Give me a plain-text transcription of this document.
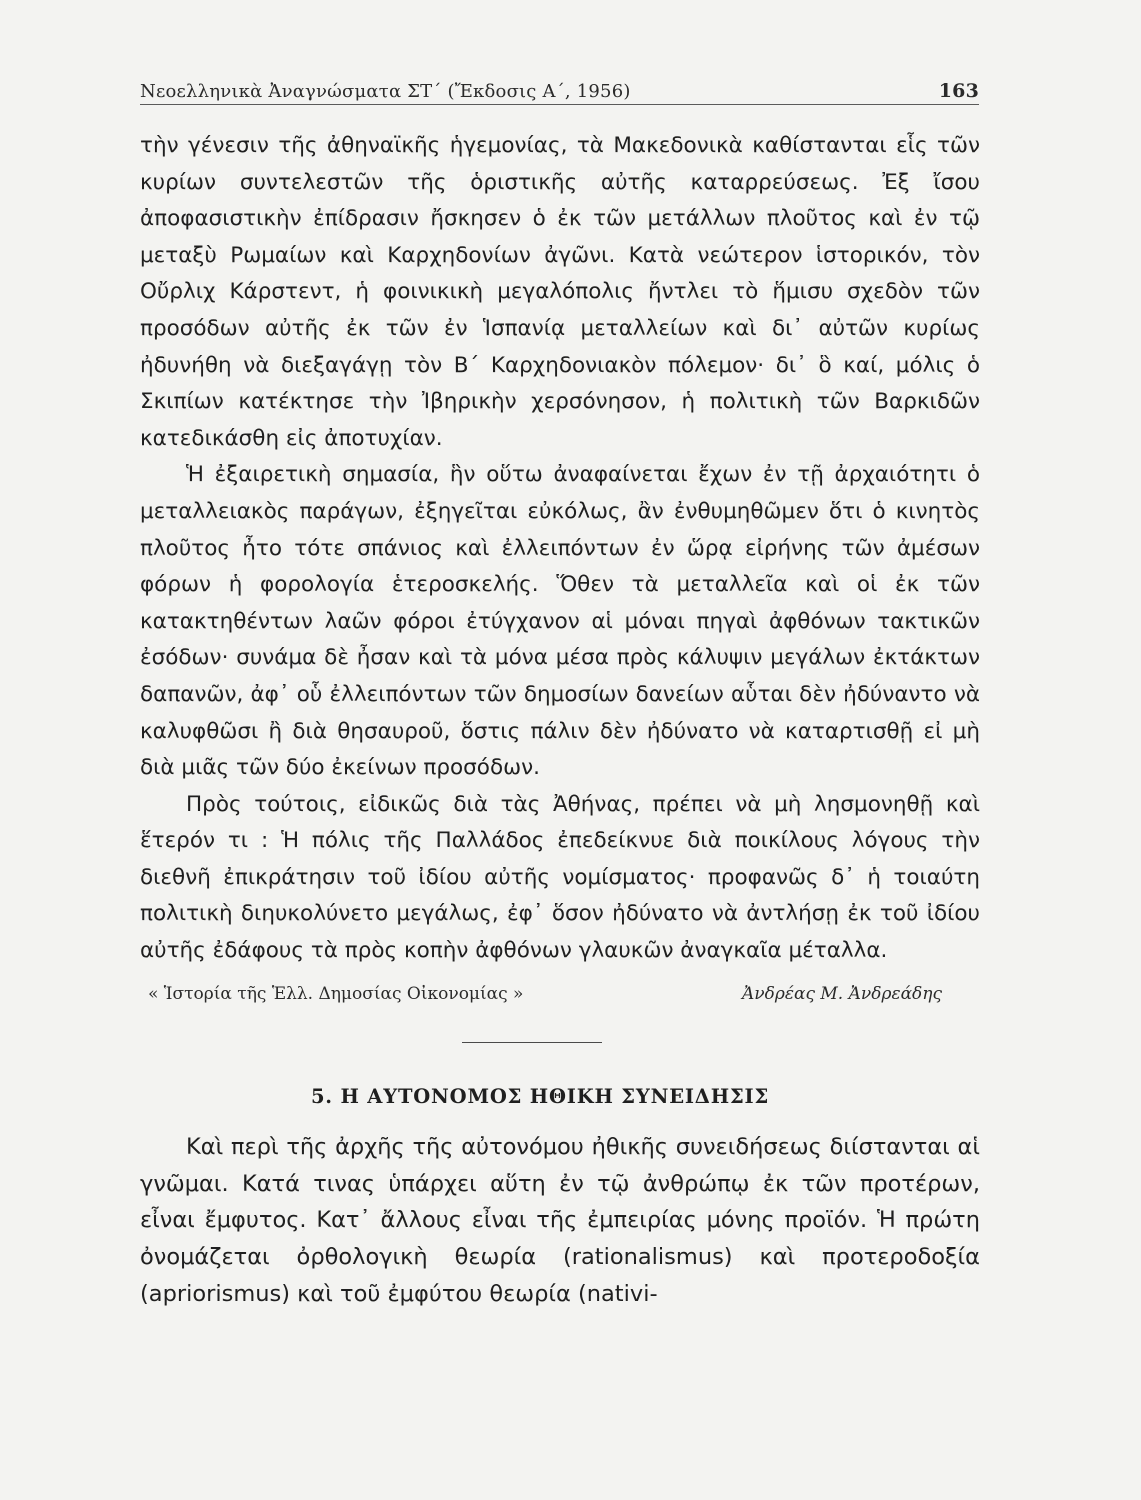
Νεοελληνικὰ Ἀναγνώσματα ΣΤ΄ (Ἔκδοσις Α΄, 1956)	163

τὴν γένεσιν τῆς ἀθηναϊκῆς ἡγεμονίας, τὰ Μακεδονικὰ καθίστανται εἷς τῶν κυρίων συντελεστῶν τῆς ὁριστικῆς αὐτῆς καταρρεύσεως. Ἐξ ἴσου ἀποφασιστικὴν ἐπίδρασιν ἤσκησεν ὁ ἐκ τῶν μετάλλων πλοῦτος καὶ ἐν τῷ μεταξὺ Ρωμαίων καὶ Καρχηδονίων ἀγῶνι. Κατὰ νεώτερον ἱστορικόν, τὸν Οὔρλιχ Κάρστεντ, ἡ φοινικικὴ μεγαλόπολις ἤντλει τὸ ἥμισυ σχεδὸν τῶν προσόδων αὐτῆς ἐκ τῶν ἐν Ἱσπανίᾳ μεταλλείων καὶ δι᾿ αὐτῶν κυρίως ἠδυνήθη νὰ διεξαγάγῃ τὸν Β΄ Καρχηδονιακὸν πόλεμον· δι᾿ ὃ καί, μόλις ὁ Σκιπίων κατέκτησε τὴν Ἰβηρικὴν χερσόνησον, ἡ πολιτικὴ τῶν Βαρκιδῶν κατεδικάσθη εἰς ἀποτυχίαν.

Ἡ ἐξαιρετικὴ σημασία, ἣν οὕτω ἀναφαίνεται ἔχων ἐν τῇ ἀρχαιότητι ὁ μεταλλειακὸς παράγων, ἐξηγεῖται εὐκόλως, ἂν ἐνθυμηθῶμεν ὅτι ὁ κινητὸς πλοῦτος ἦτο τότε σπάνιος καὶ ἐλλειπόντων ἐν ὥρᾳ εἰρήνης τῶν ἀμέσων φόρων ἡ φορολογία ἑτεροσκελής. Ὅθεν τὰ μεταλλεῖα καὶ οἱ ἐκ τῶν κατακτηθέντων λαῶν φόροι ἐτύγχανον αἱ μόναι πηγαὶ ἀφθόνων τακτικῶν ἐσόδων· συνάμα δὲ ἦσαν καὶ τὰ μόνα μέσα πρὸς κάλυψιν μεγάλων ἐκτάκτων δαπανῶν, ἀφ᾿ οὗ ἐλλειπόντων τῶν δημοσίων δανείων αὗται δὲν ἠδύναντο νὰ καλυφθῶσι ἢ διὰ θησαυροῦ, ὅστις πάλιν δὲν ἠδύνατο νὰ καταρτισθῇ εἰ μὴ διὰ μιᾶς τῶν δύο ἐκείνων προσόδων.

Πρὸς τούτοις, εἰδικῶς διὰ τὰς Ἀθήνας, πρέπει νὰ μὴ λησμονηθῇ καὶ ἕτερόν τι : Ἡ πόλις τῆς Παλλάδος ἐπεδείκνυε διὰ ποικίλους λόγους τὴν διεθνῆ ἐπικράτησιν τοῦ ἰδίου αὐτῆς νομίσματος· προφανῶς δ᾿ ἡ τοιαύτη πολιτικὴ διηυκολύνετο μεγάλως, ἐφ᾿ ὅσον ἠδύνατο νὰ ἀντλήσῃ ἐκ τοῦ ἰδίου αὐτῆς ἐδάφους τὰ πρὸς κοπὴν ἀφθόνων γλαυκῶν ἀναγκαῖα μέταλλα.

« Ἱστορία τῆς Ἑλλ. Δημοσίας Οἰκονομίας »	Ἀνδρέας Μ. Ἀνδρεάδης
5. Η ΑΥΤΟΝΟΜΟΣ ΗΘΙΚΗ ΣΥΝΕΙΔΗΣΙΣ

Καὶ περὶ τῆς ἀρχῆς τῆς αὐτονόμου ἠθικῆς συνειδήσεως διίστανται αἱ γνῶμαι. Κατά τινας ὑπάρχει αὕτη ἐν τῷ ἀνθρώπῳ ἐκ τῶν προτέρων, εἶναι ἔμφυτος. Κατ᾿ ἄλλους εἶναι τῆς ἐμπειρίας μόνης προϊόν. Ἡ πρώτη ὀνομάζεται ὀρθολογικὴ θεωρία (rationalismus) καὶ προτεροδοξία (apriorismus) καὶ τοῦ ἐμφύτου θεωρία (nativi-
